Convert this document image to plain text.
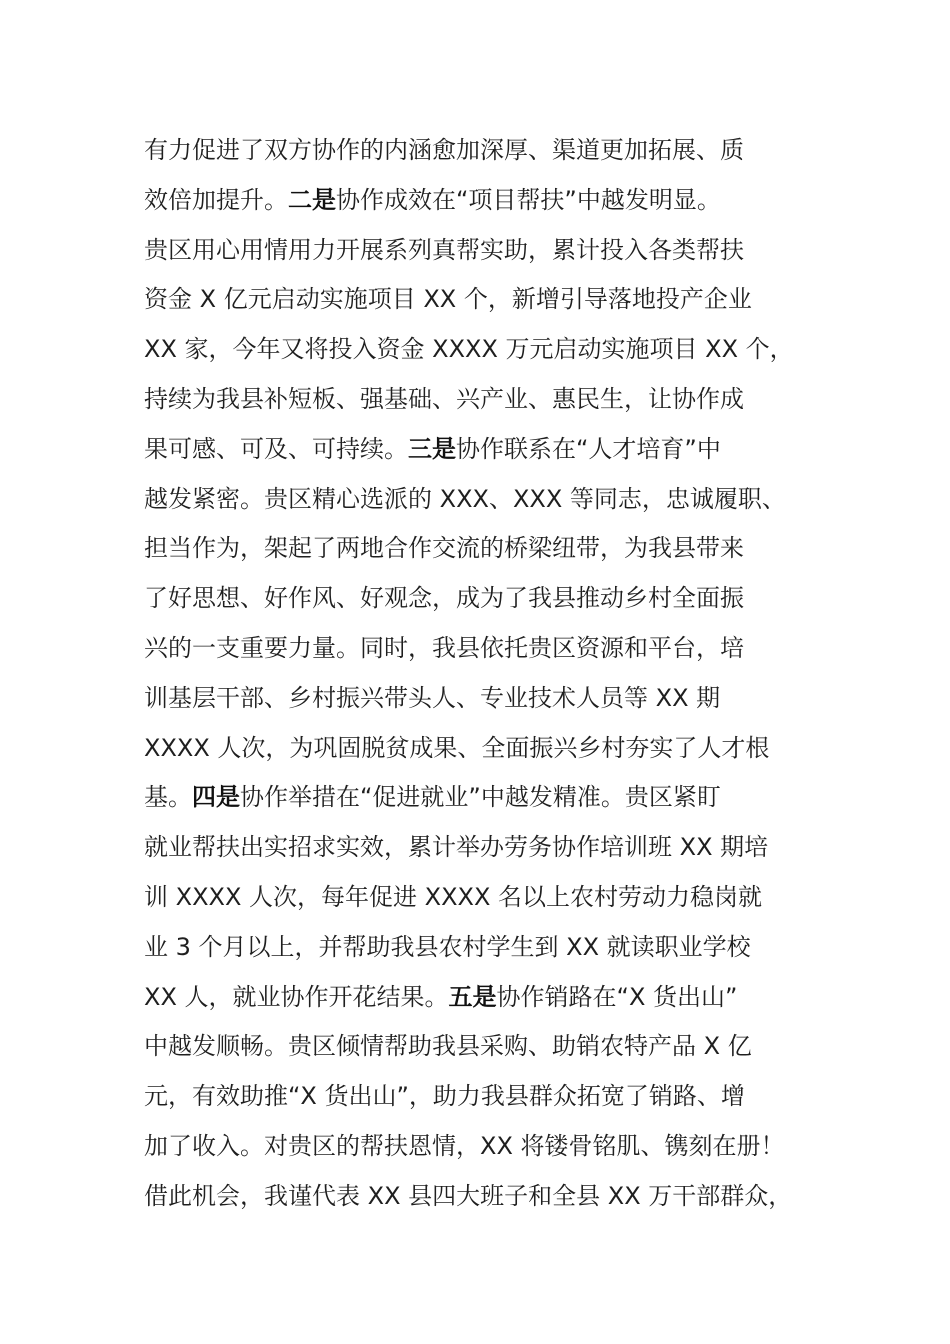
有力促进了双方协作的内涵愈加深厚、渠道更加拓展、质
效倍加提升。二是协作成效在“项目帮扶”中越发明显。
贵区用心用情用力开展系列真帮实助，累计投入各类帮扶
资金 X 亿元启动实施项目 XX 个，新增引导落地投产企业
XX 家，今年又将投入资金 XXXX 万元启动实施项目 XX 个，
持续为我县补短板、强基础、兴产业、惠民生，让协作成
果可感、可及、可持续。三是协作联系在“人才培育”中
越发紧密。贵区精心选派的 XXX、XXX 等同志，忠诚履职、
担当作为，架起了两地合作交流的桥梁纽带，为我县带来
了好思想、好作风、好观念，成为了我县推动乡村全面振
兴的一支重要力量。同时，我县依托贵区资源和平台，培
训基层干部、乡村振兴带头人、专业技术人员等 XX 期
XXXX 人次，为巩固脱贫成果、全面振兴乡村夯实了人才根
基。四是协作举措在“促进就业”中越发精准。贵区紧盯
就业帮扶出实招求实效，累计举办劳务协作培训班 XX 期培
训 XXXX 人次，每年促进 XXXX 名以上农村劳动力稳岗就
业 3 个月以上，并帮助我县农村学生到 XX 就读职业学校
XX 人，就业协作开花结果。五是协作销路在“X 货出山”
中越发顺畅。贵区倾情帮助我县采购、助销农特产品 X 亿
元，有效助推“X 货出山”，助力我县群众拓宽了销路、增
加了收入。对贵区的帮扶恩情，XX 将镂骨铭肌、镌刻在册！
借此机会，我谨代表 XX 县四大班子和全县 XX 万干部群众，
